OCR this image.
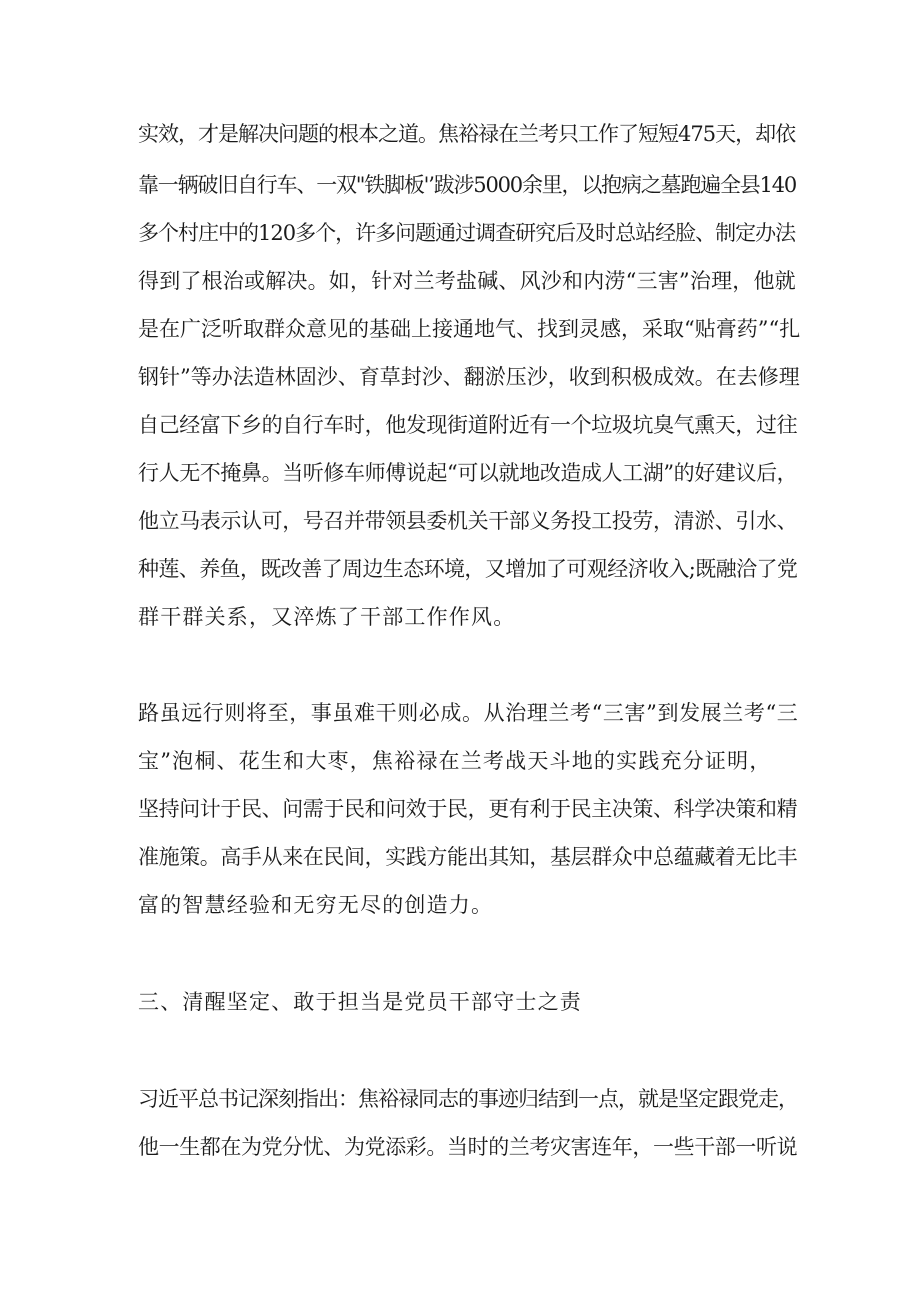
实效，才是解决问题的根本之道。焦裕禄在兰考只工作了短短475天，却依
靠一辆破旧自行车、一双"铁脚板'’跋涉5000余里，以抱病之墓跑遍全县140
多个村庄中的120多个，许多问题通过调查研究后及时总站经脸、制定办法
得到了根治或解决。如，针对兰考盐碱、风沙和内涝“三害”治理，他就
是在广泛听取群众意见的基础上接通地气、找到灵感，采取“贴膏药”“扎
钢针”等办法造林固沙、育草封沙、翻淤压沙，收到积极成效。在去修理
自己经富下乡的自行车时，他发现街道附近有一个垃圾坑臭气熏天，过往
行人无不掩鼻。当听修车师傅说起“可以就地改造成人工湖”的好建议后，
他立马表示认可，号召并带领县委机关干部义务投工投劳，清淤、引水、
种莲、养鱼，既改善了周边生态环境，又增加了可观经济收入;既融洽了党
群干群关系，又淬炼了干部工作作风。
路虽远行则将至，事虽难干则必成。从治理兰考“三害”到发展兰考“三
宝”泡桐、花生和大枣，焦裕禄在兰考战天斗地的实践充分证明，
坚持问计于民、问需于民和问效于民，更有利于民主决策、科学决策和精
准施策。高手从来在民间，实践方能出其知，基层群众中总蕴藏着无比丰
富的智慧经验和无穷无尽的创造力。
三、清醒坚定、敢于担当是党员干部守士之责
习近平总书记深刻指出：焦裕禄同志的事迹归结到一点，就是坚定跟党走，
他一生都在为党分忧、为党添彩。当时的兰考灾害连年，一些干部一听说
